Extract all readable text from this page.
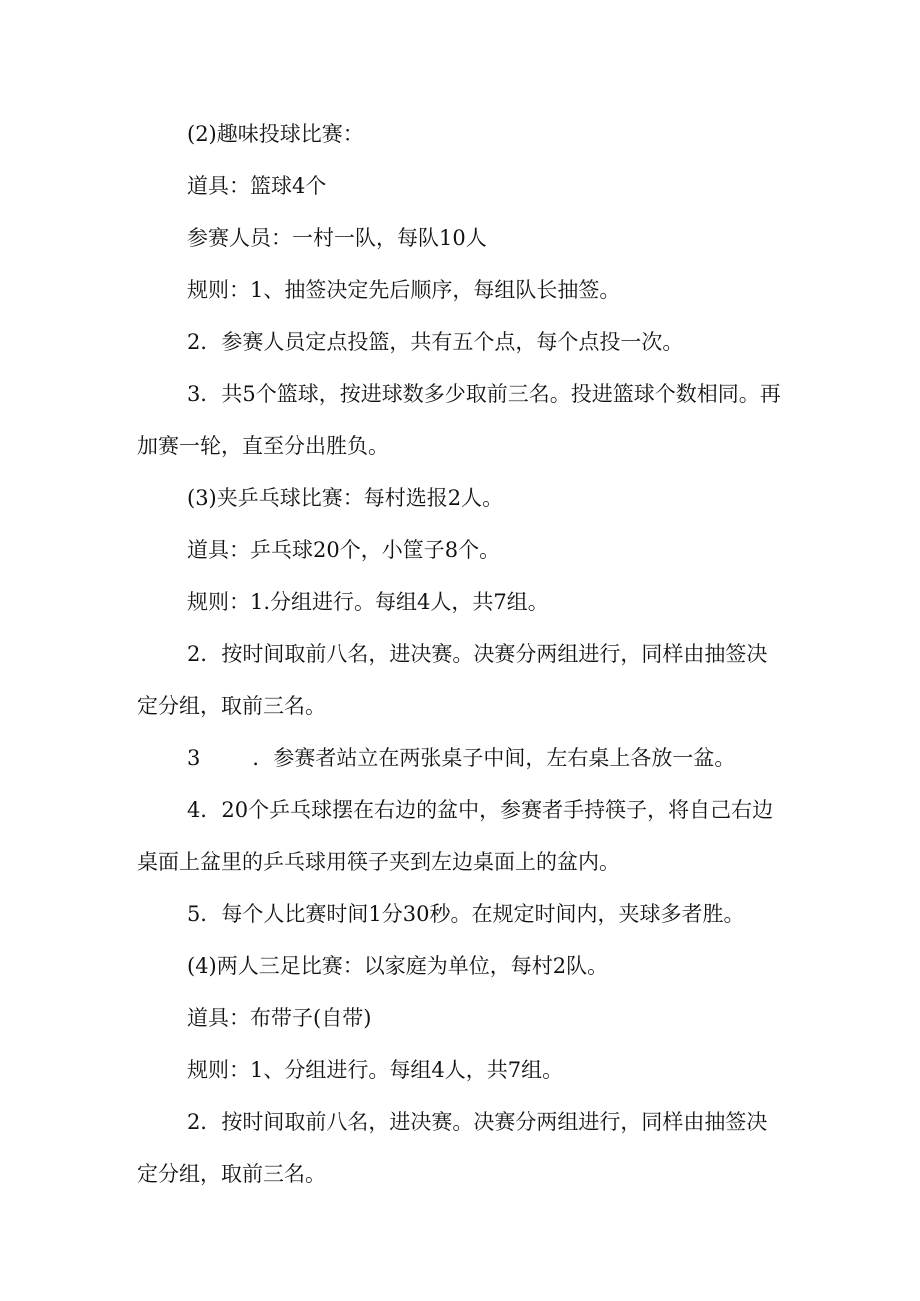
(2)趣味投球比赛：

道具：篮球4个

参赛人员：一村一队，每队10人

规则：1、抽签决定先后顺序，每组队长抽签。

2．参赛人员定点投篮，共有五个点，每个点投一次。

3．共5个篮球，按进球数多少取前三名。投进篮球个数相同。再加赛一轮，直至分出胜负。

(3)夹乒乓球比赛：每村选报2人。

道具：乒乓球20个，小筐子8个。

规则：1.分组进行。每组4人，共7组。

2．按时间取前八名，进决赛。决赛分两组进行，同样由抽签决定分组，取前三名。

3 ．参赛者站立在两张桌子中间，左右桌上各放一盆。

4．20个乒乓球摆在右边的盆中，参赛者手持筷子，将自己右边桌面上盆里的乒乓球用筷子夹到左边桌面上的盆内。

5．每个人比赛时间1分30秒。在规定时间内，夹球多者胜。

(4)两人三足比赛：以家庭为单位，每村2队。

道具：布带子(自带)

规则：1、分组进行。每组4人，共7组。

2．按时间取前八名，进决赛。决赛分两组进行，同样由抽签决定分组，取前三名。
